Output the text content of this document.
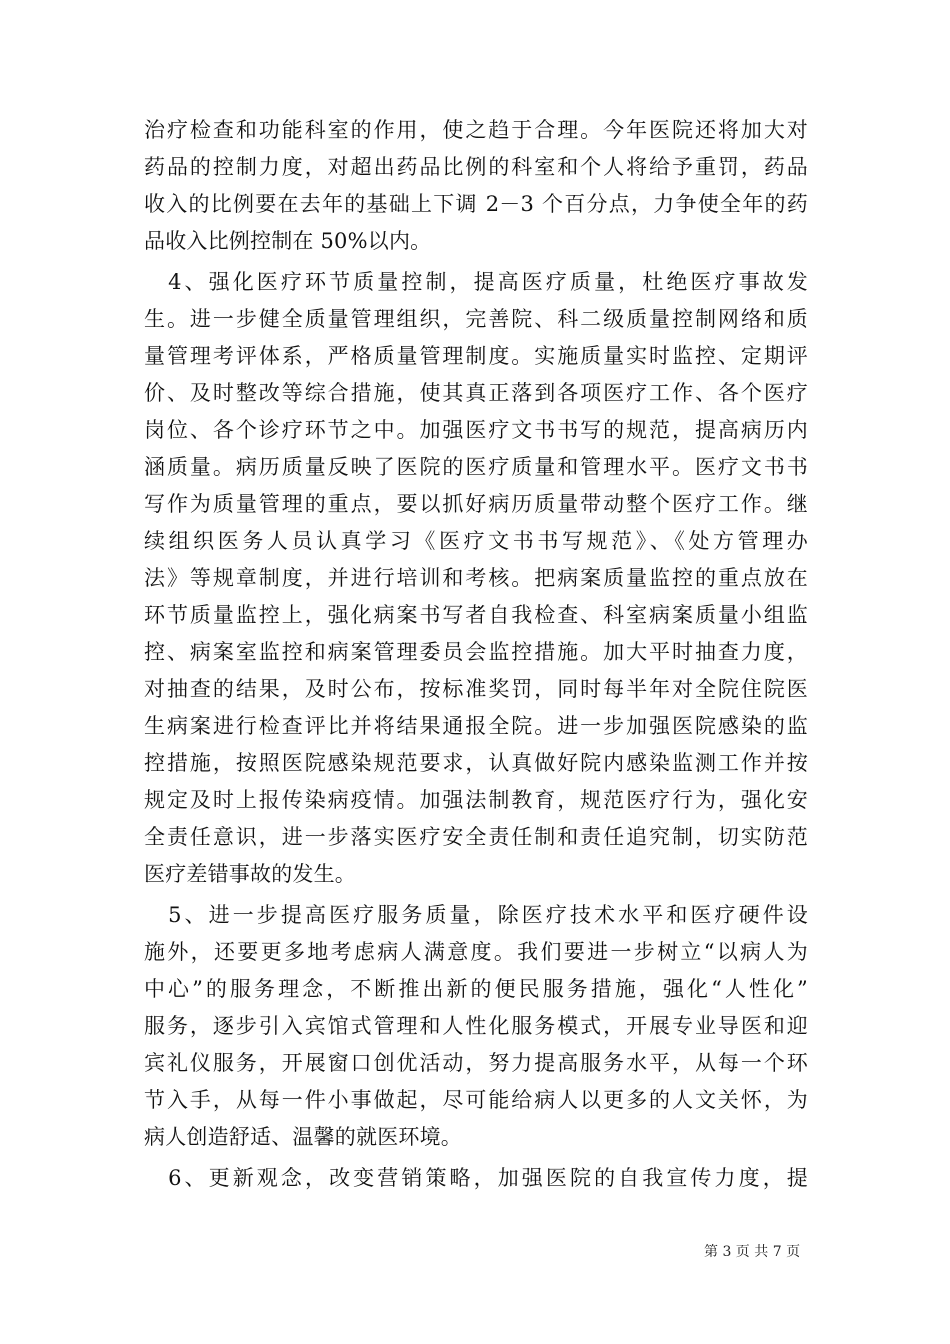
治疗检查和功能科室的作用，使之趋于合理。今年医院还将加大对
药品的控制力度，对超出药品比例的科室和个人将给予重罚，药品
收入的比例要在去年的基础上下调 2－3 个百分点，力争使全年的药
品收入比例控制在 50%以内。
　4、强化医疗环节质量控制，提高医疗质量，杜绝医疗事故发
生。进一步健全质量管理组织，完善院、科二级质量控制网络和质
量管理考评体系，严格质量管理制度。实施质量实时监控、定期评
价、及时整改等综合措施，使其真正落到各项医疗工作、各个医疗
岗位、各个诊疗环节之中。加强医疗文书书写的规范，提高病历内
涵质量。病历质量反映了医院的医疗质量和管理水平。医疗文书书
写作为质量管理的重点，要以抓好病历质量带动整个医疗工作。继
续组织医务人员认真学习《医疗文书书写规范》、《处方管理办
法》等规章制度，并进行培训和考核。把病案质量监控的重点放在
环节质量监控上，强化病案书写者自我检查、科室病案质量小组监
控、病案室监控和病案管理委员会监控措施。加大平时抽查力度，
对抽查的结果，及时公布，按标准奖罚，同时每半年对全院住院医
生病案进行检查评比并将结果通报全院。进一步加强医院感染的监
控措施，按照医院感染规范要求，认真做好院内感染监测工作并按
规定及时上报传染病疫情。加强法制教育，规范医疗行为，强化安
全责任意识，进一步落实医疗安全责任制和责任追究制，切实防范
医疗差错事故的发生。
　5、进一步提高医疗服务质量，除医疗技术水平和医疗硬件设
施外，还要更多地考虑病人满意度。我们要进一步树立“以病人为
中心”的服务理念，不断推出新的便民服务措施，强化“人性化”
服务，逐步引入宾馆式管理和人性化服务模式，开展专业导医和迎
宾礼仪服务，开展窗口创优活动，努力提高服务水平，从每一个环
节入手，从每一件小事做起，尽可能给病人以更多的人文关怀，为
病人创造舒适、温馨的就医环境。
　6、更新观念，改变营销策略，加强医院的自我宣传力度，提
第 3 页 共 7 页
